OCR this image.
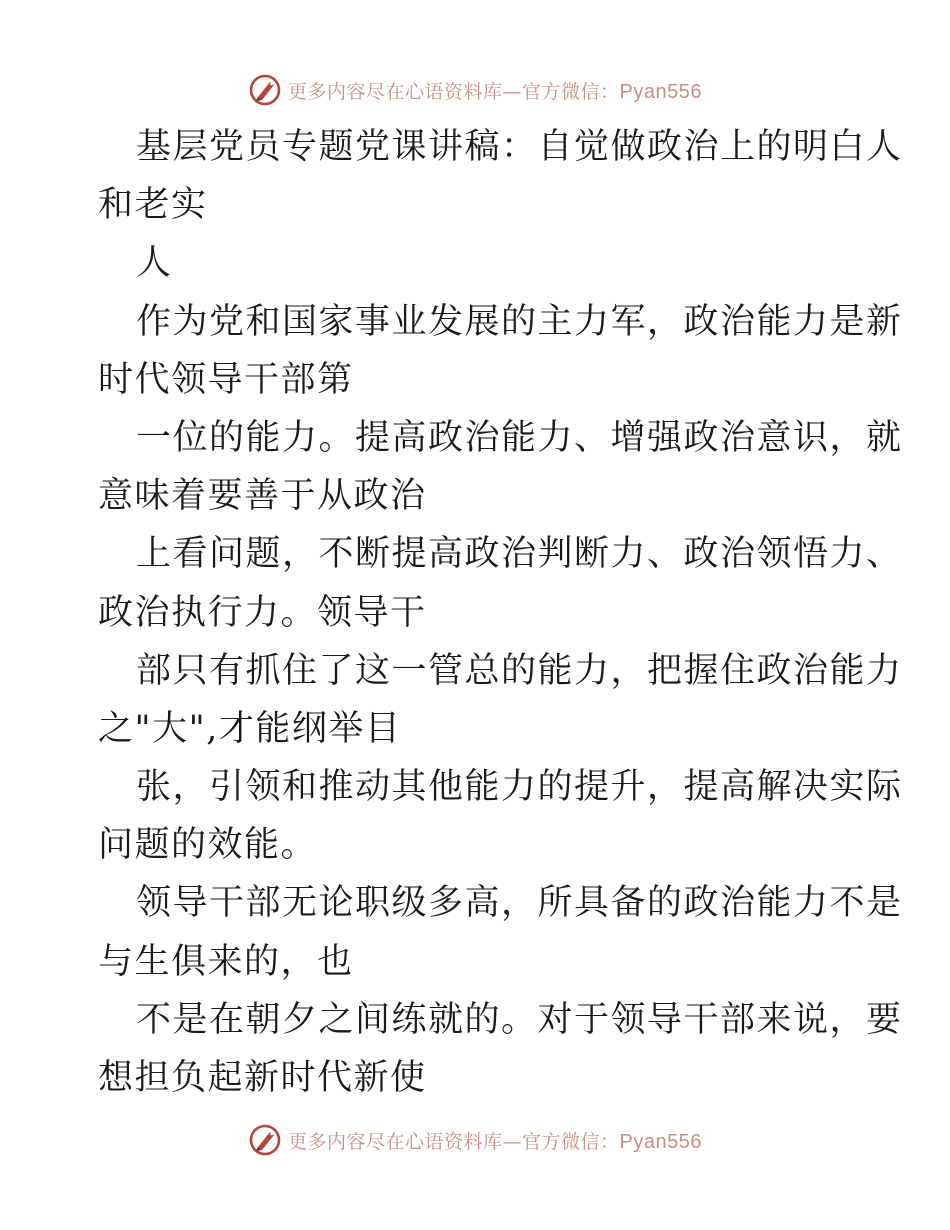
更多内容尽在心语资料库—官方微信：Pyan556
基层党员专题党课讲稿：自觉做政治上的明白人
和老实
人
作为党和国家事业发展的主力军，政治能力是新
时代领导干部第
一位的能力。提高政治能力、增强政治意识，就
意味着要善于从政治
上看问题，不断提高政治判断力、政治领悟力、
政治执行力。领导干
部只有抓住了这一管总的能力，把握住政治能力
之"大",才能纲举目
张，引领和推动其他能力的提升，提高解决实际
问题的效能。
领导干部无论职级多高，所具备的政治能力不是
与生俱来的，也
不是在朝夕之间练就的。对于领导干部来说，要
想担负起新时代新使
更多内容尽在心语资料库—官方微信：Pyan556
